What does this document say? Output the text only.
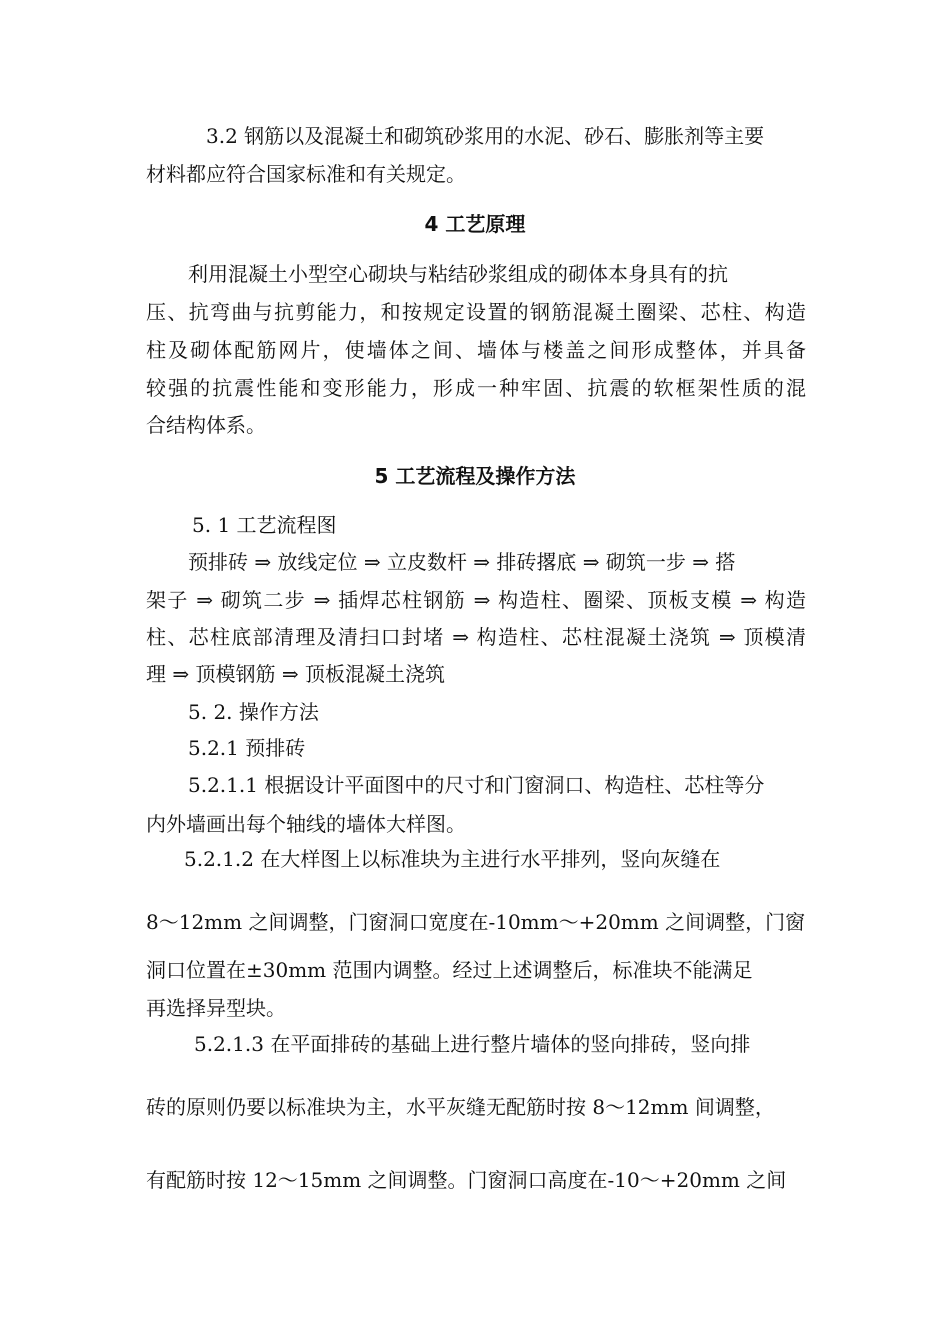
3.2 钢筋以及混凝土和砌筑砂浆用的水泥、砂石、膨胀剂等主要
材料都应符合国家标准和有关规定。
4 工艺原理
利用混凝土小型空心砌块与粘结砂浆组成的砌体本身具有的抗
压、抗弯曲与抗剪能力，和按规定设置的钢筋混凝土圈梁、芯柱、构造
柱及砌体配筋网片，使墙体之间、墙体与楼盖之间形成整体，并具备
较强的抗震性能和变形能力，形成一种牢固、抗震的软框架性质的混
合结构体系。
5 工艺流程及操作方法
5. 1 工艺流程图
预排砖 ⇒ 放线定位 ⇒ 立皮数杆 ⇒ 排砖撂底 ⇒ 砌筑一步 ⇒ 搭
架子 ⇒ 砌筑二步 ⇒ 插焊芯柱钢筋 ⇒ 构造柱、圈梁、顶板支模 ⇒ 构造
柱、芯柱底部清理及清扫口封堵 ⇒ 构造柱、芯柱混凝土浇筑 ⇒ 顶模清
理 ⇒ 顶模钢筋 ⇒ 顶板混凝土浇筑
5. 2. 操作方法
5.2.1 预排砖
5.2.1.1 根据设计平面图中的尺寸和门窗洞口、构造柱、芯柱等分
内外墙画出每个轴线的墙体大样图。
5.2.1.2 在大样图上以标准块为主进行水平排列，竖向灰缝在
8～12mm 之间调整，门窗洞口宽度在-10mm～+20mm 之间调整，门窗
洞口位置在±30mm 范围内调整。经过上述调整后，标准块不能满足
再选择异型块。
5.2.1.3 在平面排砖的基础上进行整片墙体的竖向排砖，竖向排
砖的原则仍要以标准块为主，水平灰缝无配筋时按 8～12mm 间调整，
有配筋时按 12～15mm 之间调整。门窗洞口高度在-10～+20mm 之间
